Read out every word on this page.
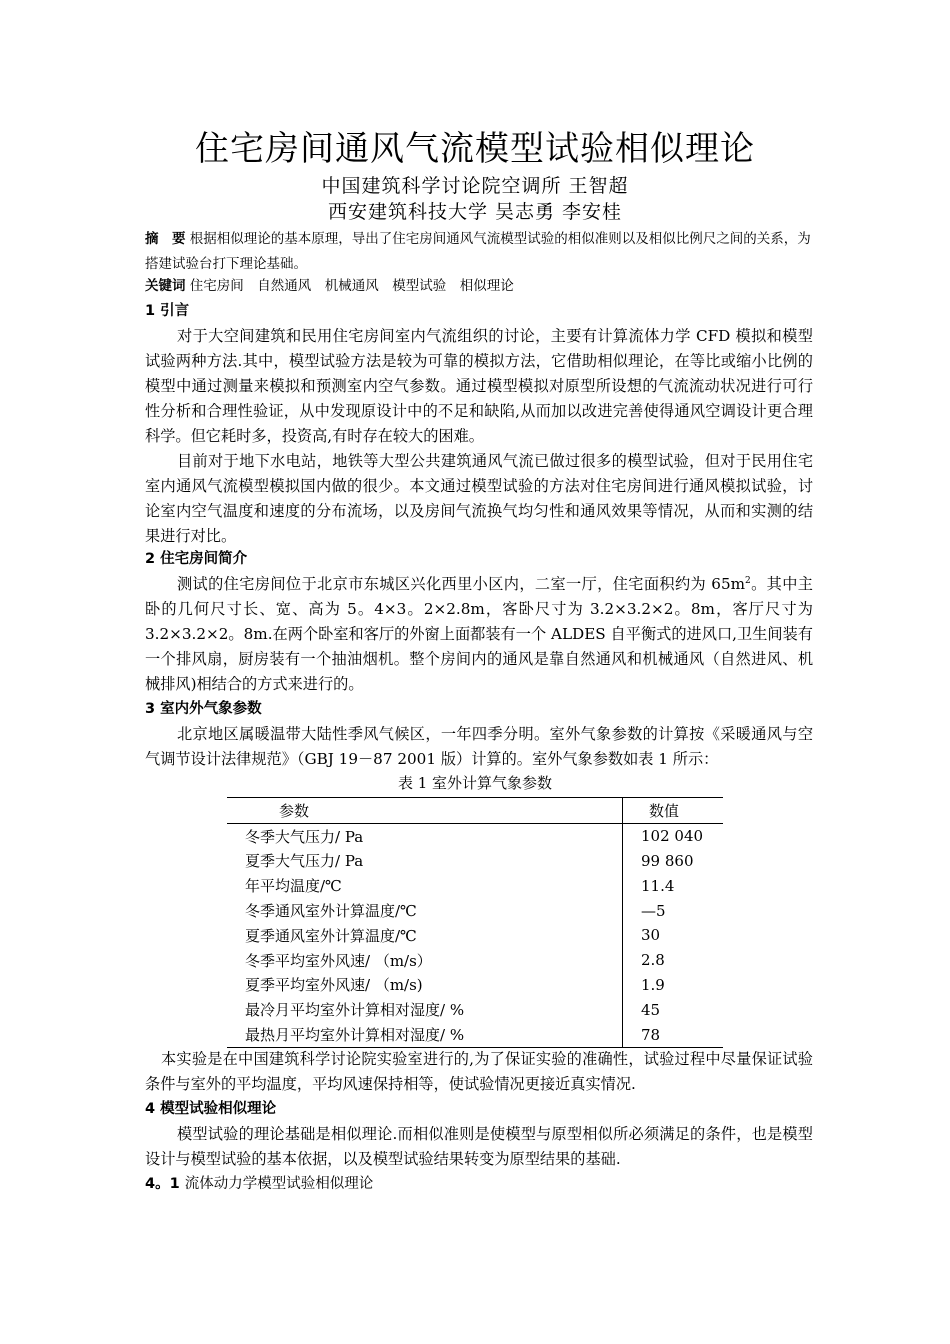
住宅房间通风气流模型试验相似理论
中国建筑科学讨论院空调所 王智超
西安建筑科技大学 吴志勇 李安桂
摘　要 根据相似理论的基本原理，导出了住宅房间通风气流模型试验的相似准则以及相似比例尺之间的关系，为搭建试验台打下理论基础。
关键词 住宅房间　自然通风　机械通风　模型试验　相似理论
1 引言
对于大空间建筑和民用住宅房间室内气流组织的讨论，主要有计算流体力学 CFD 模拟和模型试验两种方法.其中，模型试验方法是较为可靠的模拟方法，它借助相似理论，在等比或缩小比例的模型中通过测量来模拟和预测室内空气参数。通过模型模拟对原型所设想的气流流动状况进行可行性分析和合理性验证，从中发现原设计中的不足和缺陷,从而加以改进完善使得通风空调设计更合理科学。但它耗时多，投资高,有时存在较大的困难。
目前对于地下水电站，地铁等大型公共建筑通风气流已做过很多的模型试验，但对于民用住宅室内通风气流模型模拟国内做的很少。本文通过模型试验的方法对住宅房间进行通风模拟试验，讨论室内空气温度和速度的分布流场，以及房间气流换气均匀性和通风效果等情况，从而和实测的结果进行对比。
2 住宅房间简介
测试的住宅房间位于北京市东城区兴化西里小区内，二室一厅，住宅面积约为 $65m^2$。其中主卧的几何尺寸长、宽、高为 5。4×3。2×2.8m，客卧尺寸为 3.2×3.2×2。8m，客厅尺寸为 3.2×3.2×2。8m.在两个卧室和客厅的外窗上面都装有一个 ALDES 自平衡式的进风口,卫生间装有一个排风扇，厨房装有一个抽油烟机。整个房间内的通风是靠自然通风和机械通风（自然进风、机械排风)相结合的方式来进行的。
3 室内外气象参数
北京地区属暖温带大陆性季风气候区，一年四季分明。室外气象参数的计算按《采暖通风与空气调节设计法律规范》（GBJ 19－87 2001 版）计算的。室外气象参数如表 1 所示：
表 1 室外计算气象参数
参数	数值
冬季大气压力/ Pa	102 040
夏季大气压力/ Pa	99 860
年平均温度/℃	11.4
冬季通风室外计算温度/℃	—5
夏季通风室外计算温度/℃	30
冬季平均室外风速/ （m/s）	2.8
夏季平均室外风速/ （m/s)	1.9
最冷月平均室外计算相对湿度/ %	45
最热月平均室外计算相对湿度/ %	78
本实验是在中国建筑科学讨论院实验室进行的,为了保证实验的准确性，试验过程中尽量保证试验条件与室外的平均温度，平均风速保持相等，使试验情况更接近真实情况.
4 模型试验相似理论
模型试验的理论基础是相似理论.而相似准则是使模型与原型相似所必须满足的条件，也是模型设计与模型试验的基本依据，以及模型试验结果转变为原型结果的基础.
4。1 流体动力学模型试验相似理论
